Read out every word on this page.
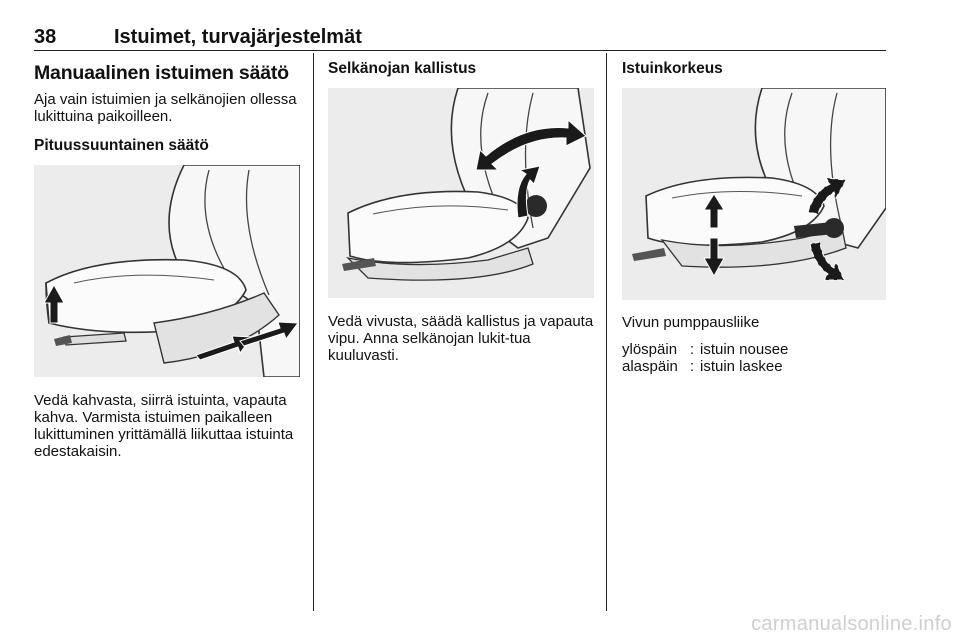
38	Istuimet, turvajärjestelmät
Manuaalinen istuimen säätö

Aja vain istuimien ja selkänojien ollessa lukittuina paikoilleen.

Pituussuuntainen säätö

Vedä kahvasta, siirrä istuinta, vapauta kahva. Varmista istuimen paikalleen lukittuminen yrittämällä liikuttaa istuinta edestakaisin.

Selkänojan kallistus

Vedä vivusta, säädä kallistus ja vapauta vipu. Anna selkänojan lukit-tua kuuluvasti.

Istuinkorkeus

Vivun pumppausliike

ylöspäin : istuin nousee
alaspäin : istuin laskee
carmanualsonline.info
